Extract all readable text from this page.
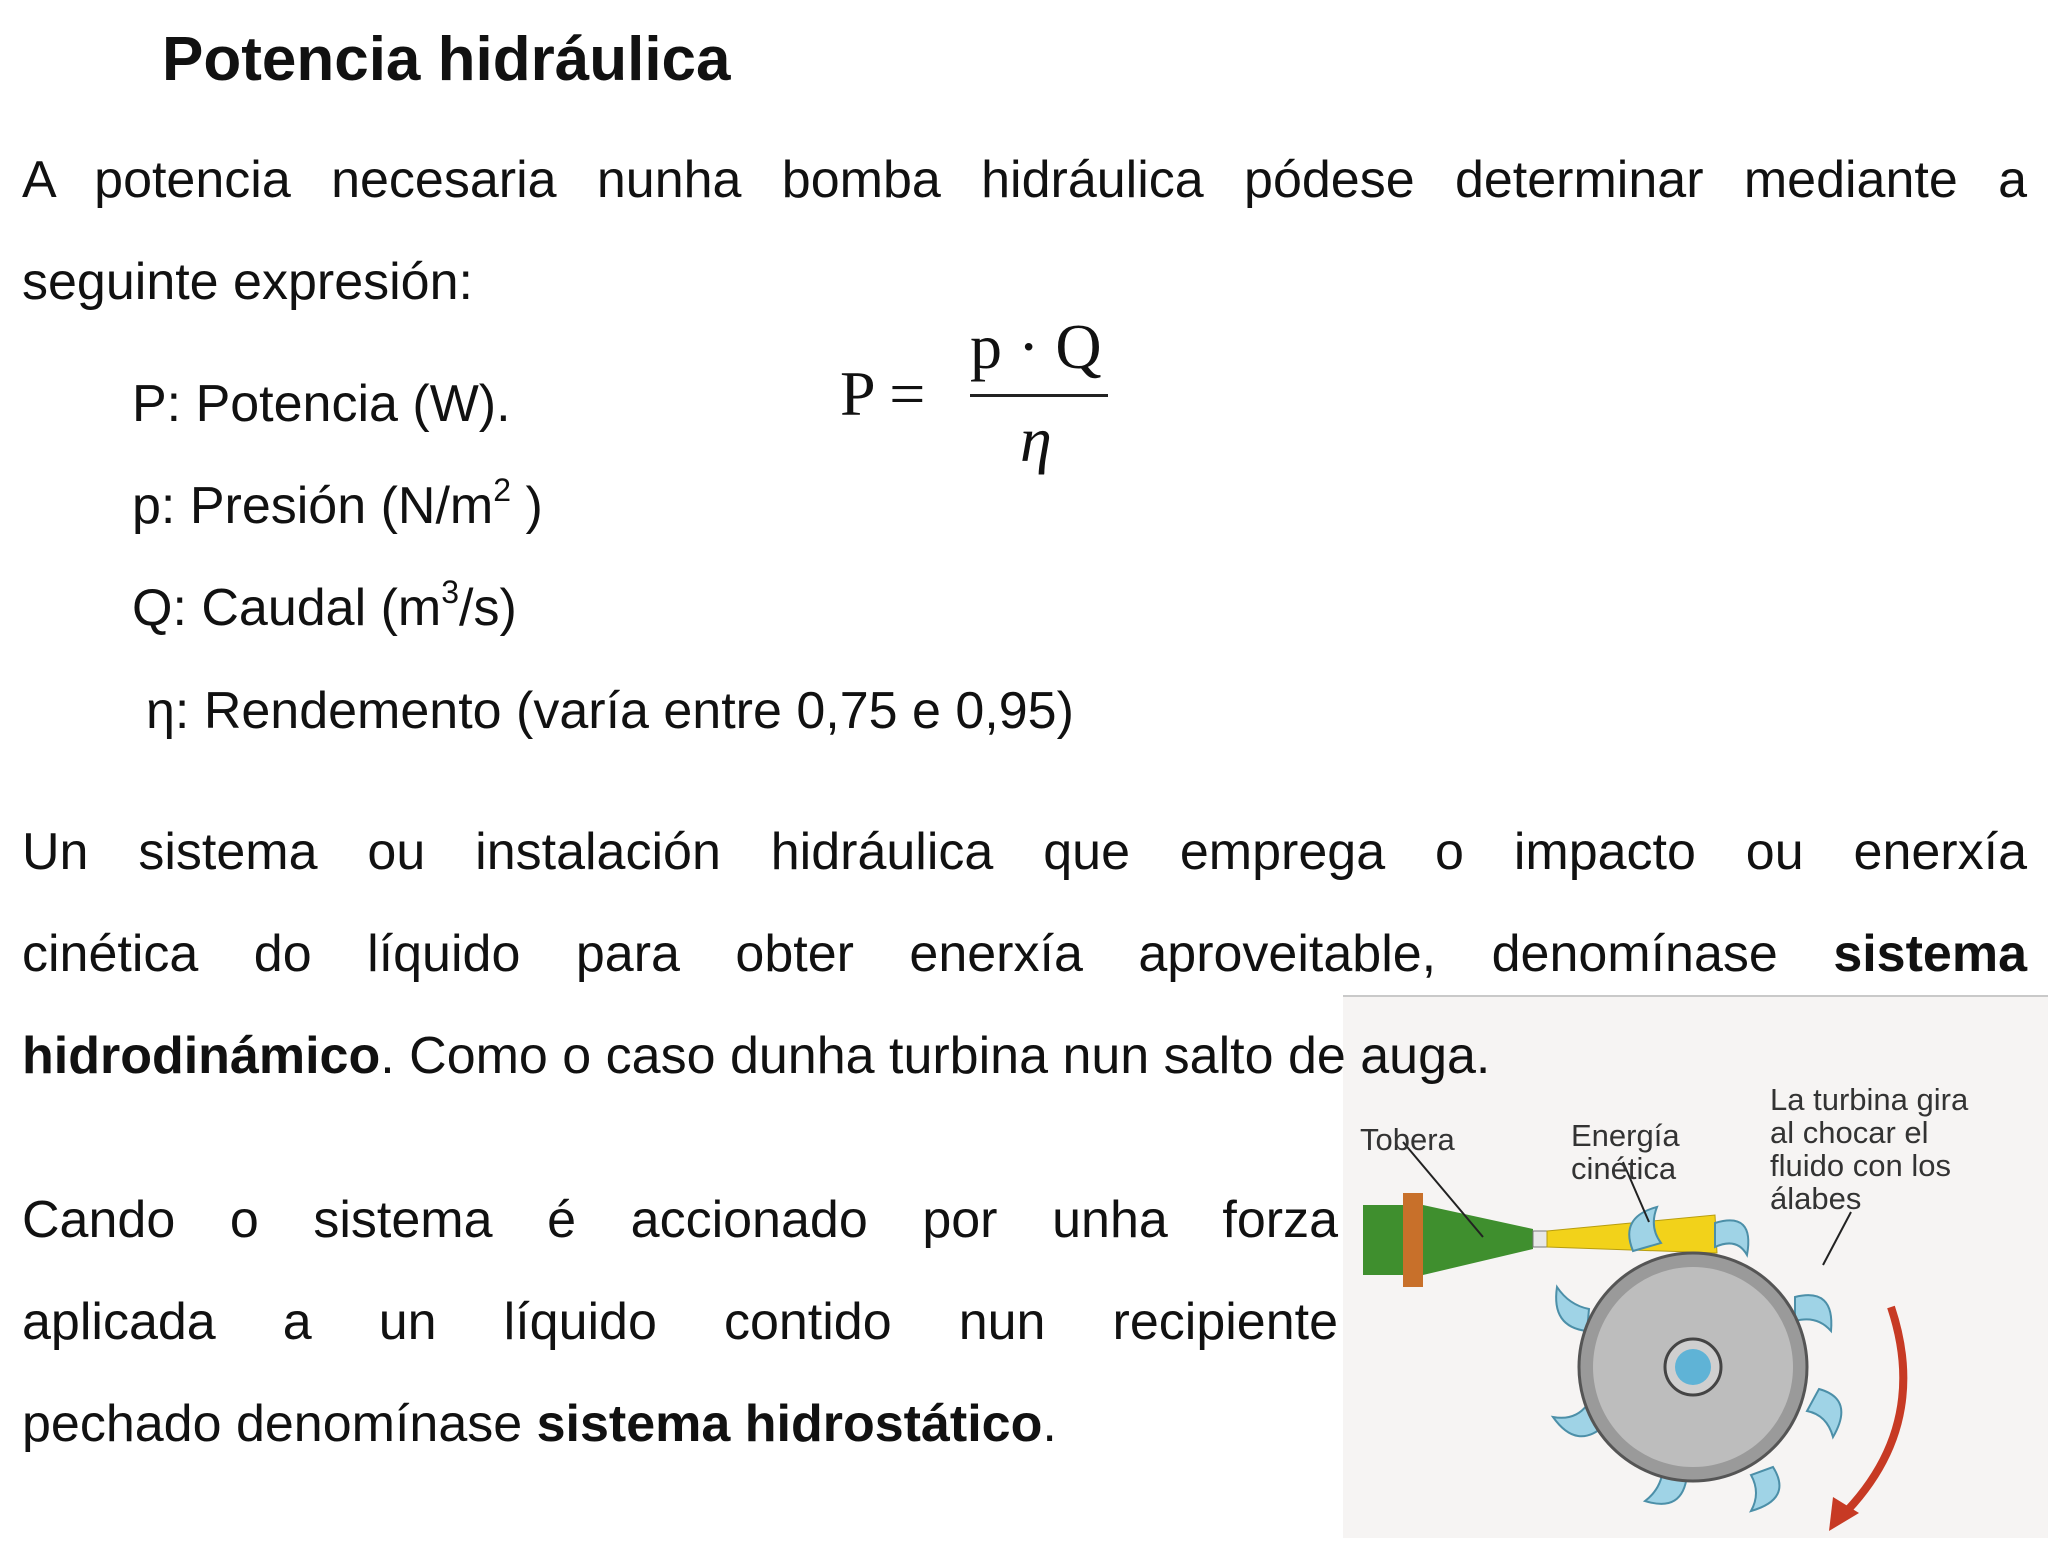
Potencia hidráulica
A potencia necesaria nunha bomba hidráulica pódese determinar mediante a
seguinte expresión:
P: Potencia (W).
p: Presión ($N/m^2$ )
Q: Caudal $(m^3/s)$
η: Rendemento (varía entre 0,75 e 0,95)
P =
p · Q
η
Un sistema ou instalación hidráulica que emprega o impacto ou enerxía
cinética do líquido para obter enerxía aproveitable, denomínase sistema
Tobera	Energía
cinética
La turbina gira
al chocar el
fluido con los
álabes
hidrodinámico. Como o caso dunha turbina nun salto de auga.
Cando o sistema é accionado por unha forza
aplicada a un líquido contido nun recipiente
pechado denomínase sistema hidrostático.
